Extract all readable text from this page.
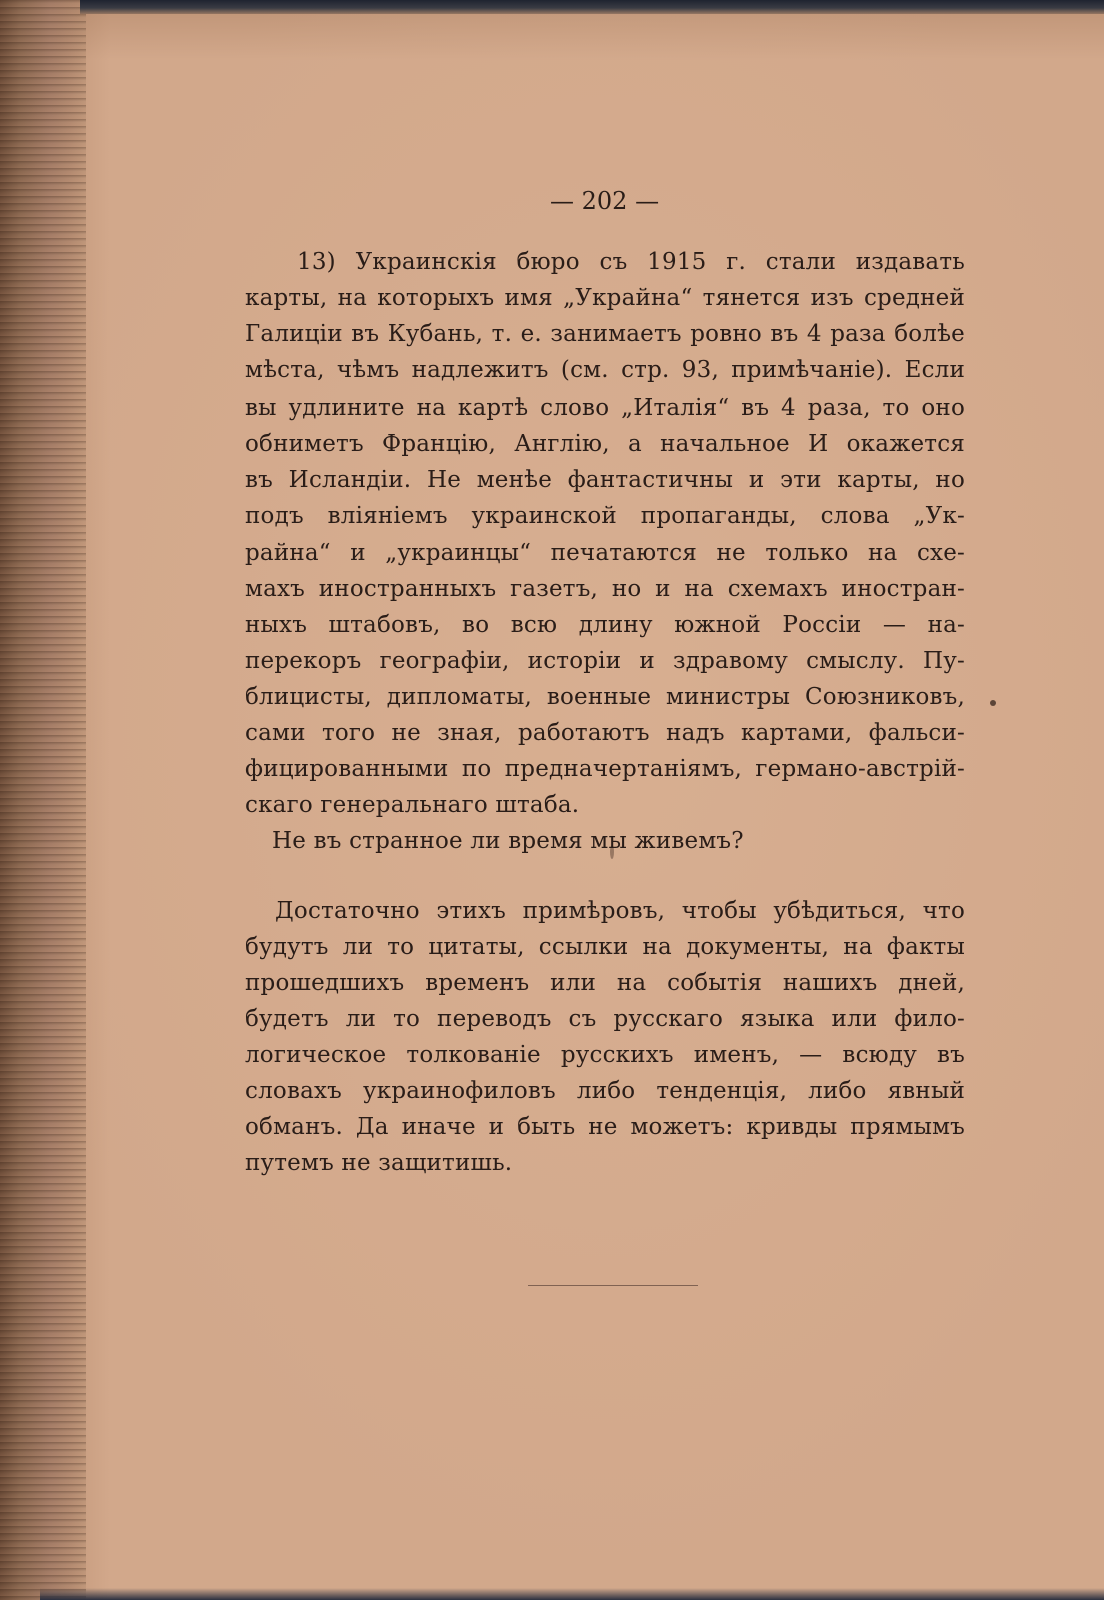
— 202 —
13) Украинскія бюро съ 1915 г. стали издавать
карты, на которыхъ имя „Украйна“ тянется изъ средней
Галиціи въ Кубань, т. е. занимаетъ ровно въ 4 раза болѣе
мѣста, чѣмъ надлежитъ (см. стр. 93, примѣчаніе). Если
вы удлините на картѣ слово „Италія“ въ 4 раза, то оно
обниметъ Францію, Англію, а начальное И окажется
въ Исландіи. Не менѣе фантастичны и эти карты, но
подъ вліяніемъ украинской пропаганды, слова „Ук-
райна“ и „украинцы“ печатаются не только на схе-
махъ иностранныхъ газетъ, но и на схемахъ иностран-
ныхъ штабовъ, во всю длину южной Россіи — на-
перекоръ географіи, исторіи и здравому смыслу. Пу-
блицисты, дипломаты, военные министры Союзниковъ,
сами того не зная, работаютъ надъ картами, фальси-
фицированными по предначертаніямъ, германо-австрій-
скаго генеральнаго штаба.
Не въ странное ли время мы живемъ?
Достаточно этихъ примѣровъ, чтобы убѣдиться, что
будутъ ли то цитаты, ссылки на документы, на факты
прошедшихъ временъ или на событія нашихъ дней,
будетъ ли то переводъ съ русскаго языка или фило-
логическое толкованіе русскихъ именъ, — всюду въ
словахъ украинофиловъ либо тенденція, либо явный
обманъ. Да иначе и быть не можетъ: кривды прямымъ
путемъ не защитишь.
